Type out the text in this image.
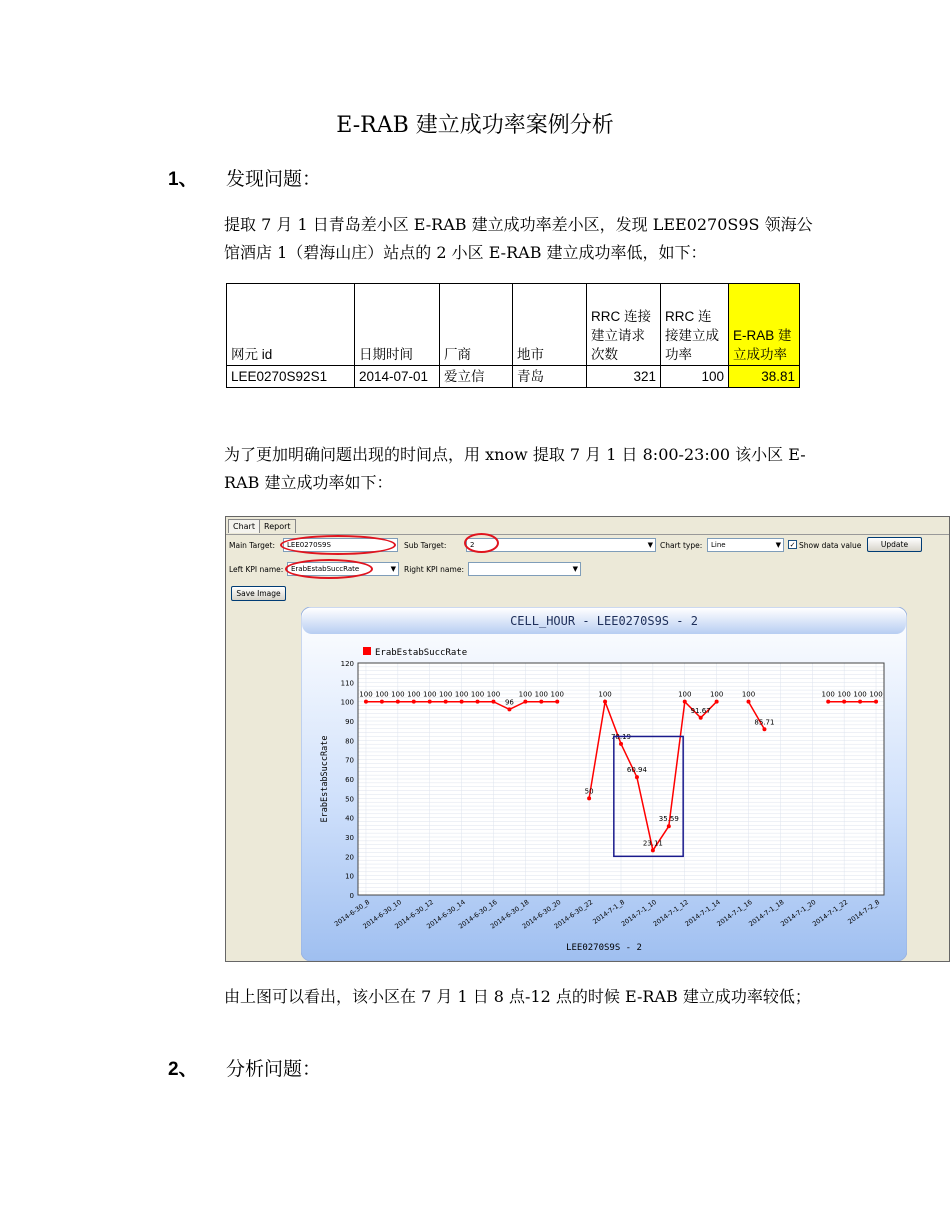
E-RAB 建立成功率案例分析
1、 发现问题：
提取 7 月 1 日青岛差小区 E-RAB 建立成功率差小区，发现 LEE0270S9S 领海公馆酒店 1（碧海山庄）站点的 2 小区 E-RAB 建立成功率低，如下：
网元 id	日期时间	厂商	地市	RRC 连接建立请求次数	RRC 连接建立成功率	E-RAB 建立成功率
LEE0270S92S1	2014-07-01	爱立信	青岛	321	100	38.81
为了更加明确问题出现的时间点，用 xnow 提取 7 月 1 日 8:00-23:00 该小区 E-RAB 建立成功率如下：
Chart	Report
Main Target:	LEE0270S9S	Sub Target:	2	▼ Chart type:	Line	▼ ✓ Show data value	Update
Left KPI name:	ErabEstabSuccRate	▼ Right KPI name:	▼
Save Image
CELL_HOUR - LEE0270S9S - 2
ErabEstabSuccRate
0
10
20
30
40
50
60
70
80
90
100
110
120
2014-6-30_8
2014-6-30_10
2014-6-30_12
2014-6-30_14
2014-6-30_16
2014-6-30_18
2014-6-30_20
2014-6-30_22
2014-7-1_8
2014-7-1_10
2014-7-1_12
2014-7-1_14
2014-7-1_16
2014-7-1_18
2014-7-1_20
2014-7-1_22
2014-7-2_8
100 100 100 100 100 100 100 100 100
96
100 100 100
50
100
78.19
60.94
23.11
35.59
100
91.67
100	100
85.71
100 100 100 100
ErabEstabSuccRate
LEE0270S9S - 2
由上图可以看出，该小区在 7 月 1 日 8 点-12 点的时候 E-RAB 建立成功率较低；
2、 分析问题：
